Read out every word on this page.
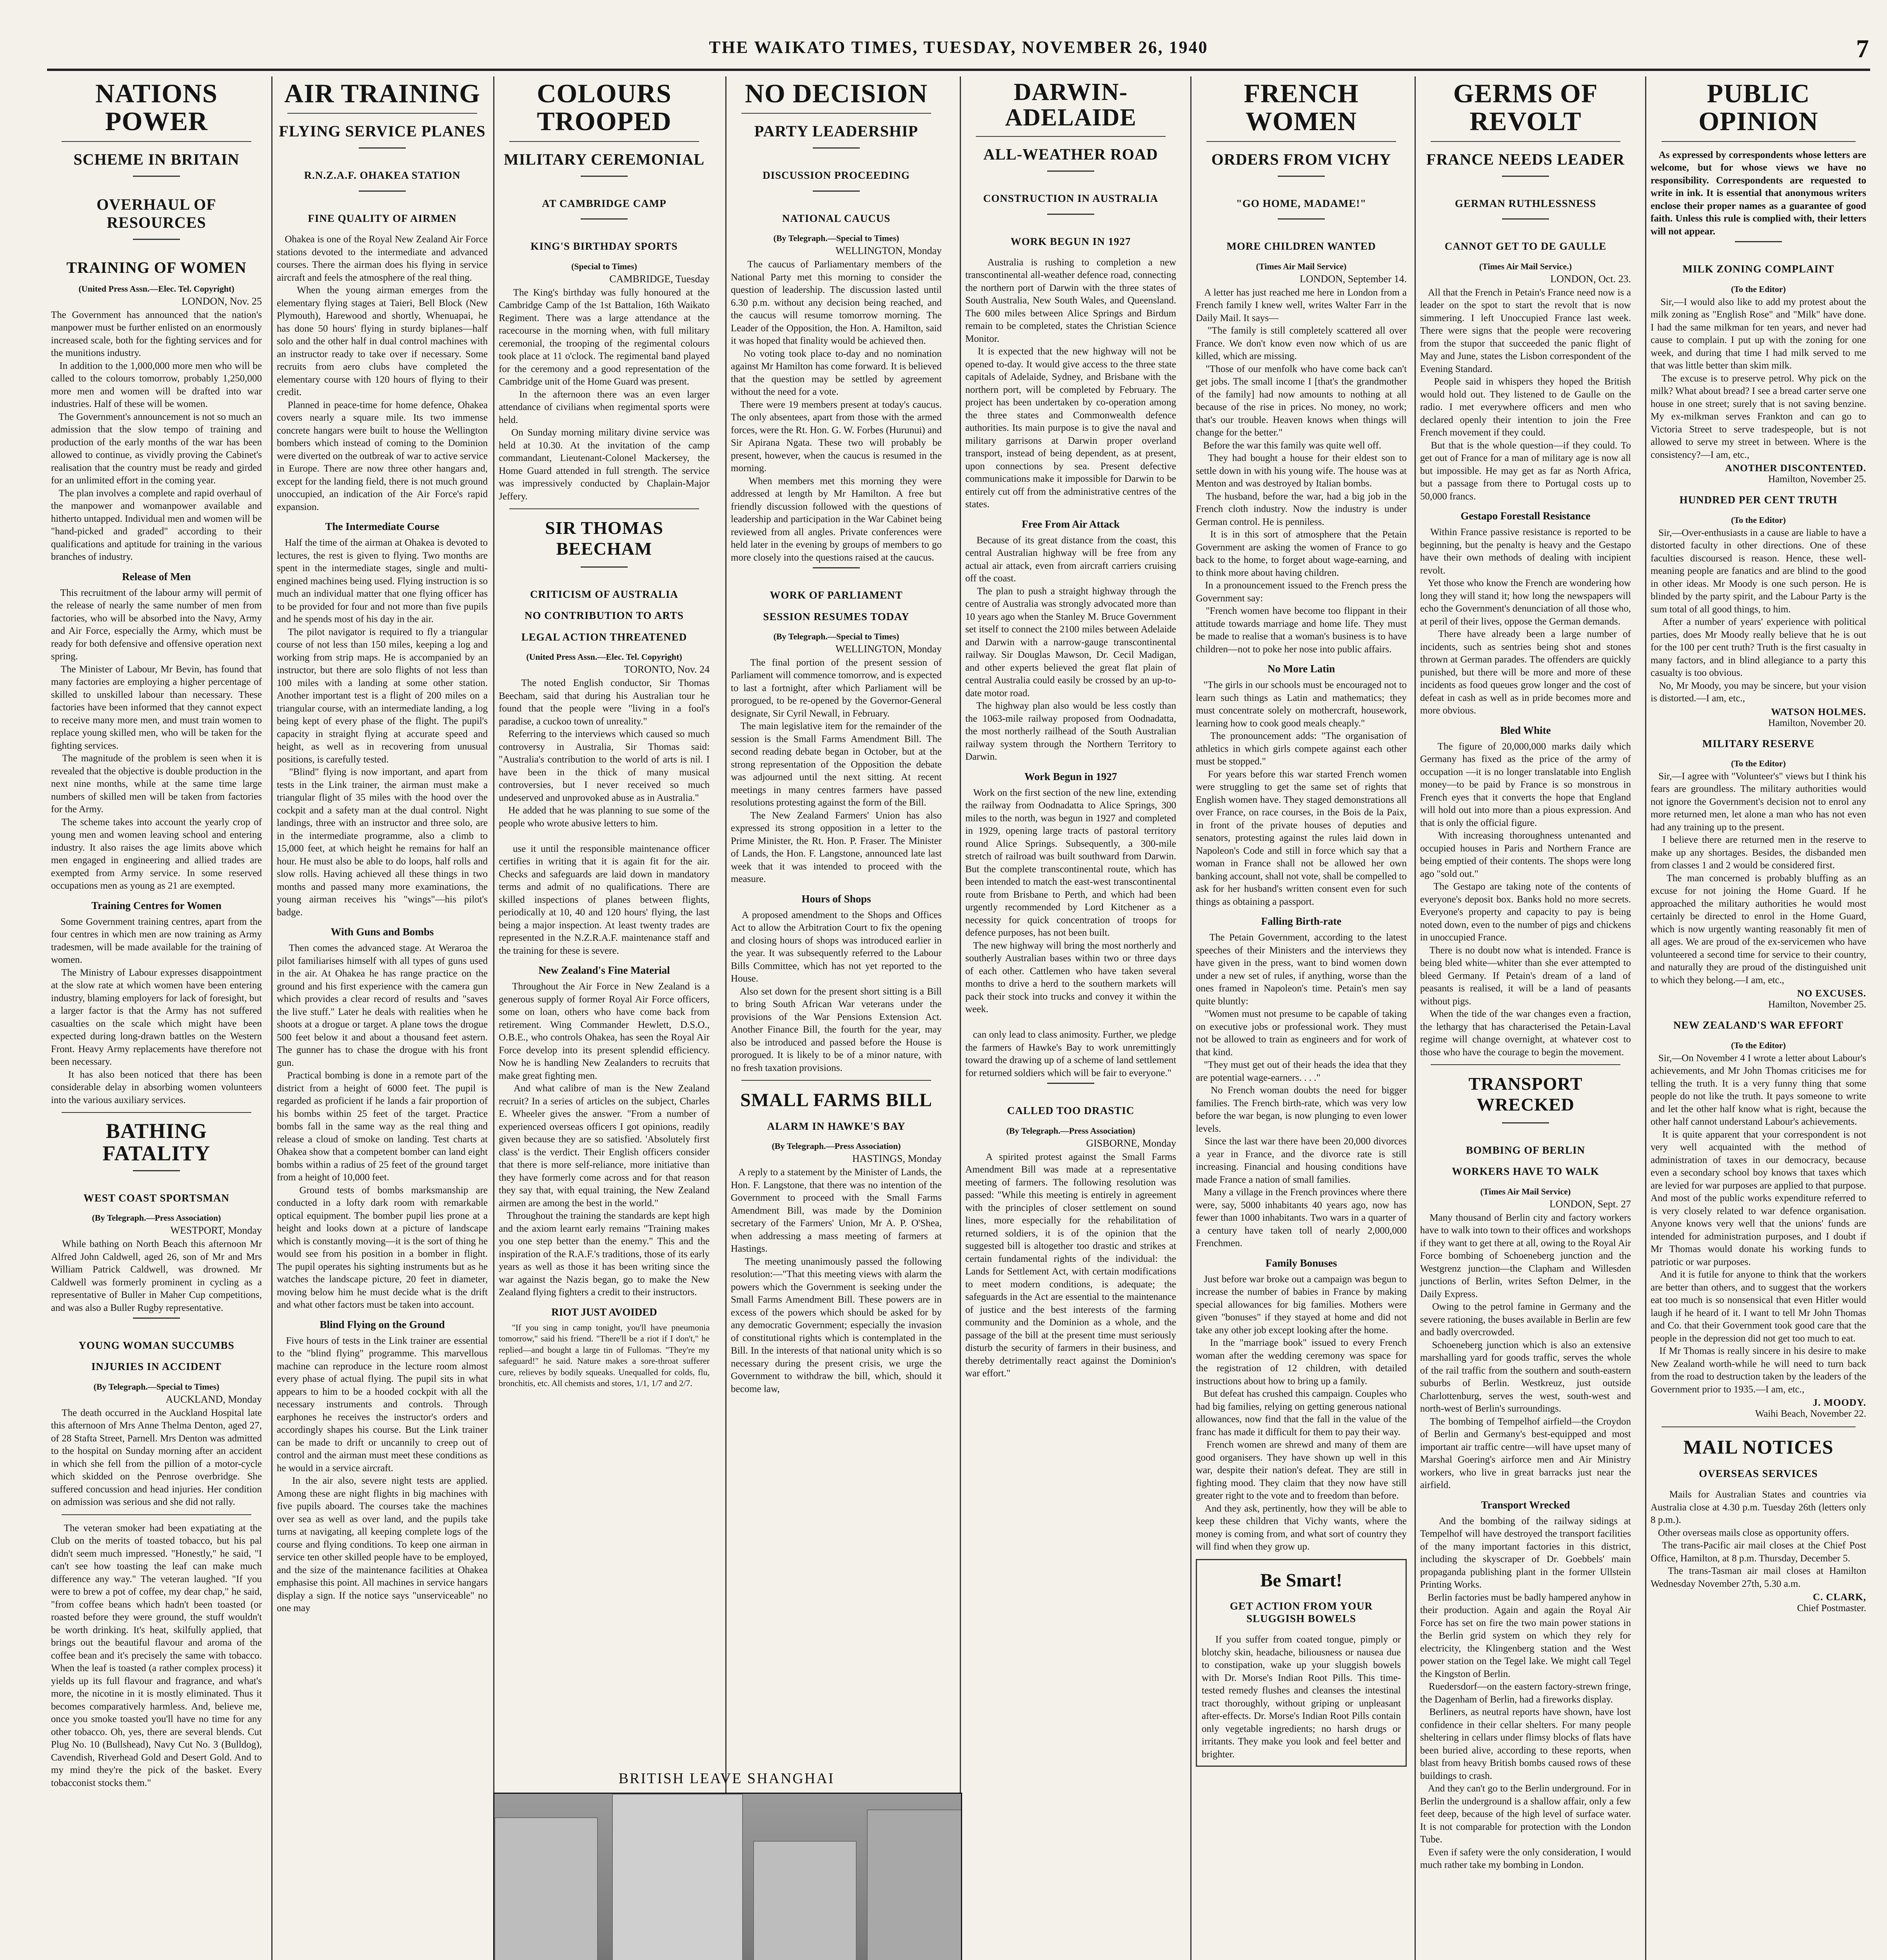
THE WAIKATO TIMES, TUESDAY, NOVEMBER 26, 1940	7
NATIONS POWER
SCHEME IN BRITAIN
OVERHAUL OF RESOURCES
TRAINING OF WOMEN
(United Press Assn.—Elec. Tel. Copyright)
LONDON, Nov. 25

The Government has announced that the nation's manpower must be further enlisted on an enormously increased scale, both for the fighting services and for the munitions industry.
In addition to the 1,000,000 more men who will be called to the colours tomorrow, probably 1,250,000 more men and women will be drafted into war industries. Half of these will be women.
The Government's announcement is not so much an admission that the slow tempo of training and production of the early months of the war has been allowed to continue, as vividly proving the Cabinet's realisation that the country must be ready and girded for an unlimited effort in the coming year.
The plan involves a complete and rapid overhaul of the manpower and womanpower available and hitherto untapped. Individual men and women will be "hand-picked and graded" according to their qualifications and aptitude for training in the various branches of industry.

Release of Men

This recruitment of the labour army will permit of the release of nearly the same number of men from factories, who will be absorbed into the Navy, Army and Air Force, especially the Army, which must be ready for both defensive and offensive operation next spring.
The Minister of Labour, Mr Bevin, has found that many factories are employing a higher percentage of skilled to unskilled labour than necessary. These factories have been informed that they cannot expect to receive many more men, and must train women to replace young skilled men, who will be taken for the fighting services.
The magnitude of the problem is seen when it is revealed that the objective is double production in the next nine months, while at the same time large numbers of skilled men will be taken from factories for the Army.
The scheme takes into account the yearly crop of young men and women leaving school and entering industry. It also raises the age limits above which men engaged in engineering and allied trades are exempted from Army service. In some reserved occupations men as young as 21 are exempted.

Training Centres for Women

Some Government training centres, apart from the four centres in which men are now training as Army tradesmen, will be made available for the training of women.
The Ministry of Labour expresses disappointment at the slow rate at which women have been entering industry, blaming employers for lack of foresight, but a larger factor is that the Army has not suffered casualties on the scale which might have been expected during long-drawn battles on the Western Front. Heavy Army replacements have therefore not been necessary.
It has also been noticed that there has been considerable delay in absorbing women volunteers into the various auxiliary services.

BATHING FATALITY
WEST COAST SPORTSMAN
(By Telegraph.—Press Association)
WESTPORT, Monday

While bathing on North Beach this afternoon Mr Alfred John Caldwell, aged 26, son of Mr and Mrs William Patrick Caldwell, was drowned. Mr Caldwell was formerly prominent in cycling as a representative of Buller in Maher Cup competitions, and was also a Buller Rugby representative.

YOUNG WOMAN SUCCUMBS
INJURIES IN ACCIDENT
(By Telegraph.—Special to Times)
AUCKLAND, Monday

The death occurred in the Auckland Hospital late this afternoon of Mrs Anne Thelma Denton, aged 27, of 28 Stafta Street, Parnell. Mrs Denton was admitted to the hospital on Sunday morning after an accident in which she fell from the pillion of a motor-cycle which skidded on the Penrose overbridge. She suffered concussion and head injuries. Her condition on admission was serious and she did not rally.

The veteran smoker had been expatiating at the Club on the merits of toasted tobacco, but his pal didn't seem much impressed. "Honestly," he said, "I can't see how toasting the leaf can make much difference any way." The veteran laughed. "If you were to brew a pot of coffee, my dear chap," he said, "from coffee beans which hadn't been toasted (or roasted before they were ground, the stuff wouldn't be worth drinking. It's heat, skilfully applied, that brings out the beautiful flavour and aroma of the coffee bean and it's precisely the same with tobacco. When the leaf is toasted (a rather complex process) it yields up its full flavour and fragrance, and what's more, the nicotine in it is mostly eliminated. Thus it becomes comparatively harmless. And, believe me, once you smoke toasted you'll have no time for any other tobacco. Oh, yes, there are several blends. Cut Plug No. 10 (Bullshead), Navy Cut No. 3 (Bulldog), Cavendish, Riverhead Gold and Desert Gold. And to my mind they're the pick of the basket. Every tobacconist stocks them."

AIR TRAINING
FLYING SERVICE PLANES
R.N.Z.A.F. OHAKEA STATION
FINE QUALITY OF AIRMEN

Ohakea is one of the Royal New Zealand Air Force stations devoted to the intermediate and advanced courses. There the airman does his flying in service aircraft and feels the atmosphere of the real thing.
When the young airman emerges from the elementary flying stages at Taieri, Bell Block (New Plymouth), Harewood and shortly, Whenuapai, he has done 50 hours' flying in sturdy biplanes—half solo and the other half in dual control machines with an instructor ready to take over if necessary. Some recruits from aero clubs have completed the elementary course with 120 hours of flying to their credit.
Planned in peace-time for home defence, Ohakea covers nearly a square mile. Its two immense concrete hangars were built to house the Wellington bombers which instead of coming to the Dominion were diverted on the outbreak of war to active service in Europe. There are now three other hangars and, except for the landing field, there is not much ground unoccupied, an indication of the Air Force's rapid expansion.

The Intermediate Course

Half the time of the airman at Ohakea is devoted to lectures, the rest is given to flying. Two months are spent in the intermediate stages, single and multi-engined machines being used. Flying instruction is so much an individual matter that one flying officer has to be provided for four and not more than five pupils and he spends most of his day in the air.
The pilot navigator is required to fly a triangular course of not less than 150 miles, keeping a log and working from strip maps. He is accompanied by an instructor, but there are solo flights of not less than 100 miles with a landing at some other station. Another important test is a flight of 200 miles on a triangular course, with an intermediate landing, a log being kept of every phase of the flight. The pupil's capacity in straight flying at accurate speed and height, as well as in recovering from unusual positions, is carefully tested.
"Blind" flying is now important, and apart from tests in the Link trainer, the airman must make a triangular flight of 35 miles with the hood over the cockpit and a safety man at the dual control. Night landings, three with an instructor and three solo, are in the intermediate programme, also a climb to 15,000 feet, at which height he remains for half an hour. He must also be able to do loops, half rolls and slow rolls. Having achieved all these things in two months and passed many more examinations, the young airman receives his "wings"—his pilot's badge.

With Guns and Bombs

Then comes the advanced stage. At Weraroa the pilot familiarises himself with all types of guns used in the air. At Ohakea he has range practice on the ground and his first experience with the camera gun which provides a clear record of results and "saves the live stuff." Later he deals with realities when he shoots at a drogue or target. A plane tows the drogue 500 feet below it and about a thousand feet astern. The gunner has to chase the drogue with his front gun.
Practical bombing is done in a remote part of the district from a height of 6000 feet. The pupil is regarded as proficient if he lands a fair proportion of his bombs within 25 feet of the target. Practice bombs fall in the same way as the real thing and release a cloud of smoke on landing. Test charts at Ohakea show that a competent bomber can land eight bombs within a radius of 25 feet of the ground target from a height of 10,000 feet.
Ground tests of bombs marksmanship are conducted in a lofty dark room with remarkable optical equipment. The bomber pupil lies prone at a height and looks down at a picture of landscape which is constantly moving—it is the sort of thing he would see from his position in a bomber in flight. The pupil operates his sighting instruments but as he watches the landscape picture, 20 feet in diameter, moving below him he must decide what is the drift and what other factors must be taken into account.

Blind Flying on the Ground

Five hours of tests in the Link trainer are essential to the "blind flying" programme. This marvellous machine can reproduce in the lecture room almost every phase of actual flying. The pupil sits in what appears to him to be a hooded cockpit with all the necessary instruments and controls. Through earphones he receives the instructor's orders and accordingly shapes his course. But the Link trainer can be made to drift or uncannily to creep out of control and the airman must meet these conditions as he would in a service aircraft.
In the air also, severe night tests are applied. Among these are night flights in big machines with five pupils aboard. The courses take the machines over sea as well as over land, and the pupils take turns at navigating, all keeping complete logs of the course and flying conditions. To keep one airman in service ten other skilled people have to be employed, and the size of the maintenance facilities at Ohakea emphasise this point. All machines in service hangars display a sign. If the notice says "unserviceable" no one may

COLOURS TROOPED
MILITARY CEREMONIAL
AT CAMBRIDGE CAMP
KING'S BIRTHDAY SPORTS
(Special to Times)
CAMBRIDGE, Tuesday

The King's birthday was fully honoured at the Cambridge Camp of the 1st Battalion, 16th Waikato Regiment. There was a large attendance at the racecourse in the morning when, with full military ceremonial, the trooping of the regimental colours took place at 11 o'clock. The regimental band played for the ceremony and a good representation of the Cambridge unit of the Home Guard was present.
In the afternoon there was an even larger attendance of civilians when regimental sports were held.
On Sunday morning military divine service was held at 10.30. At the invitation of the camp commandant, Lieutenant-Colonel Mackersey, the Home Guard attended in full strength. The service was impressively conducted by Chaplain-Major Jeffery.

SIR THOMAS BEECHAM
CRITICISM OF AUSTRALIA
NO CONTRIBUTION TO ARTS
LEGAL ACTION THREATENED
(United Press Assn.—Elec. Tel. Copyright)
TORONTO, Nov. 24

The noted English conductor, Sir Thomas Beecham, said that during his Australian tour he found that the people were "living in a fool's paradise, a cuckoo town of unreality."
Referring to the interviews which caused so much controversy in Australia, Sir Thomas said: "Australia's contribution to the world of arts is nil. I have been in the thick of many musical controversies, but I never received so much undeserved and unprovoked abuse as in Australia."
He added that he was planning to sue some of the people who wrote abusive letters to him.

use it until the responsible maintenance officer certifies in writing that it is again fit for the air. Checks and safeguards are laid down in mandatory terms and admit of no qualifications. There are skilled inspections of planes between flights, periodically at 10, 40 and 120 hours' flying, the last being a major inspection. At least twenty trades are represented in the N.Z.R.A.F. maintenance staff and the training for these is severe.

New Zealand's Fine Material

Throughout the Air Force in New Zealand is a generous supply of former Royal Air Force officers, some on loan, others who have come back from retirement. Wing Commander Hewlett, D.S.O., O.B.E., who controls Ohakea, has seen the Royal Air Force develop into its present splendid efficiency. Now he is handling New Zealanders to recruits that make great fighting men.
And what calibre of man is the New Zealand recruit? In a series of articles on the subject, Charles E. Wheeler gives the answer. "From a number of experienced overseas officers I got opinions, readily given because they are so satisfied. 'Absolutely first class' is the verdict. Their English officers consider that there is more self-reliance, more initiative than they have formerly come across and for that reason they say that, with equal training, the New Zealand airmen are among the best in the world."
Throughout the training the standards are kept high and the axiom learnt early remains "Training makes you one step better than the enemy." This and the inspiration of the R.A.F.'s traditions, those of its early years as well as those it has been writing since the war against the Nazis began, go to make the New Zealand flying fighters a credit to their instructors.

RIOT JUST AVOIDED

"If you sing in camp tonight, you'll have pneumonia tomorrow," said his friend. "There'll be a riot if I don't," he replied—and bought a large tin of Fullomas. "They're my safeguard!" he said. Nature makes a sore-throat sufferer cure, relieves by bodily squeaks. Unequalled for colds, flu, bronchitis, etc. All chemists and stores, 1/1, 1/7 and 2/7.

NO DECISION
PARTY LEADERSHIP
DISCUSSION PROCEEDING
NATIONAL CAUCUS
(By Telegraph.—Special to Times)
WELLINGTON, Monday

The caucus of Parliamentary members of the National Party met this morning to consider the question of leadership. The discussion lasted until 6.30 p.m. without any decision being reached, and the caucus will resume tomorrow morning. The Leader of the Opposition, the Hon. A. Hamilton, said it was hoped that finality would be achieved then.
No voting took place to-day and no nomination against Mr Hamilton has come forward. It is believed that the question may be settled by agreement without the need for a vote.
There were 19 members present at today's caucus. The only absentees, apart from those with the armed forces, were the Rt. Hon. G. W. Forbes (Hurunui) and Sir Apirana Ngata. These two will probably be present, however, when the caucus is resumed in the morning.
When members met this morning they were addressed at length by Mr Hamilton. A free but friendly discussion followed with the questions of leadership and participation in the War Cabinet being reviewed from all angles. Private conferences were held later in the evening by groups of members to go more closely into the questions raised at the caucus.

WORK OF PARLIAMENT
SESSION RESUMES TODAY
(By Telegraph.—Special to Times)
WELLINGTON, Monday

The final portion of the present session of Parliament will commence tomorrow, and is expected to last a fortnight, after which Parliament will be prorogued, to be re-opened by the Governor-General designate, Sir Cyril Newall, in February.
The main legislative item for the remainder of the session is the Small Farms Amendment Bill. The second reading debate began in October, but at the strong representation of the Opposition the debate was adjourned until the next sitting. At recent meetings in many centres farmers have passed resolutions protesting against the form of the Bill.
The New Zealand Farmers' Union has also expressed its strong opposition in a letter to the Prime Minister, the Rt. Hon. P. Fraser. The Minister of Lands, the Hon. F. Langstone, announced late last week that it was intended to proceed with the measure.

Hours of Shops

A proposed amendment to the Shops and Offices Act to allow the Arbitration Court to fix the opening and closing hours of shops was introduced earlier in the year. It was subsequently referred to the Labour Bills Committee, which has not yet reported to the House.
Also set down for the present short sitting is a Bill to bring South African War veterans under the provisions of the War Pensions Extension Act. Another Finance Bill, the fourth for the year, may also be introduced and passed before the House is prorogued. It is likely to be of a minor nature, with no fresh taxation provisions.

SMALL FARMS BILL
ALARM IN HAWKE'S BAY
(By Telegraph.—Press Association)
HASTINGS, Monday

A reply to a statement by the Minister of Lands, the Hon. F. Langstone, that there was no intention of the Government to proceed with the Small Farms Amendment Bill, was made by the Dominion secretary of the Farmers' Union, Mr A. P. O'Shea, when addressing a mass meeting of farmers at Hastings.
The meeting unanimously passed the following resolution:—"That this meeting views with alarm the powers which the Government is seeking under the Small Farms Amendment Bill. These powers are in excess of the powers which should be asked for by any democratic Government; especially the invasion of constitutional rights which is contemplated in the Bill. In the interests of that national unity which is so necessary during the present crisis, we urge the Government to withdraw the bill, which, should it become law,

BRITISH LEAVE SHANGHAI
DARWIN-ADELAIDE
ALL-WEATHER ROAD
CONSTRUCTION IN AUSTRALIA
WORK BEGUN IN 1927

Australia is rushing to completion a new transcontinental all-weather defence road, connecting the northern port of Darwin with the three states of South Australia, New South Wales, and Queensland. The 600 miles between Alice Springs and Birdum remain to be completed, states the Christian Science Monitor.
It is expected that the new highway will not be opened to-day. It would give access to the three state capitals of Adelaide, Sydney, and Brisbane with the northern port, will be completed by February. The project has been undertaken by co-operation among the three states and Commonwealth defence authorities. Its main purpose is to give the naval and military garrisons at Darwin proper overland transport, instead of being dependent, as at present, upon connections by sea. Present defective communications make it impossible for Darwin to be entirely cut off from the administrative centres of the states.

Free From Air Attack

Because of its great distance from the coast, this central Australian highway will be free from any actual air attack, even from aircraft carriers cruising off the coast.
The plan to push a straight highway through the centre of Australia was strongly advocated more than 10 years ago when the Stanley M. Bruce Government set itself to connect the 2100 miles between Adelaide and Darwin with a narrow-gauge transcontinental railway. Sir Douglas Mawson, Dr. Cecil Madigan, and other experts believed the great flat plain of central Australia could easily be crossed by an up-to-date motor road.
The highway plan also would be less costly than the 1063-mile railway proposed from Oodnadatta, the most northerly railhead of the South Australian railway system through the Northern Territory to Darwin.

Work Begun in 1927

Work on the first section of the new line, extending the railway from Oodnadatta to Alice Springs, 300 miles to the north, was begun in 1927 and completed in 1929, opening large tracts of pastoral territory round Alice Springs. Subsequently, a 300-mile stretch of railroad was built southward from Darwin. But the complete transcontinental route, which has been intended to match the east-west transcontinental route from Brisbane to Perth, and which had been urgently recommended by Lord Kitchener as a necessity for quick concentration of troops for defence purposes, has not been built.
The new highway will bring the most northerly and southerly Australian bases within two or three days of each other. Cattlemen who have taken several months to drive a herd to the southern markets will pack their stock into trucks and convey it within the week.

can only lead to class animosity. Further, we pledge the farmers of Hawke's Bay to work unremittingly toward the drawing up of a scheme of land settlement for returned soldiers which will be fair to everyone."

CALLED TOO DRASTIC
(By Telegraph.—Press Association)
GISBORNE, Monday

A spirited protest against the Small Farms Amendment Bill was made at a representative meeting of farmers. The following resolution was passed: "While this meeting is entirely in agreement with the principles of closer settlement on sound lines, more especially for the rehabilitation of returned soldiers, it is of the opinion that the suggested bill is altogether too drastic and strikes at certain fundamental rights of the individual: the Lands for Settlement Act, with certain modifications to meet modern conditions, is adequate; the safeguards in the Act are essential to the maintenance of justice and the best interests of the farming community and the Dominion as a whole, and the passage of the bill at the present time must seriously disturb the security of farmers in their business, and thereby detrimentally react against the Dominion's war effort."

FRENCH WOMEN
ORDERS FROM VICHY
"GO HOME, MADAME!"
MORE CHILDREN WANTED
(Times Air Mail Service)
LONDON, September 14.

A letter has just reached me here in London from a French family I knew well, writes Walter Farr in the Daily Mail. It says—
"The family is still completely scattered all over France. We don't know even now which of us are killed, which are missing.
"Those of our menfolk who have come back can't get jobs. The small income I [that's the grandmother of the family] had now amounts to nothing at all because of the rise in prices. No money, no work; that's our trouble. Heaven knows when things will change for the better."
Before the war this family was quite well off.
They had bought a house for their eldest son to settle down in with his young wife. The house was at Menton and was destroyed by Italian bombs.
The husband, before the war, had a big job in the French cloth industry. Now the industry is under German control. He is penniless.
It is in this sort of atmosphere that the Petain Government are asking the women of France to go back to the home, to forget about wage-earning, and to think more about having children.
In a pronouncement issued to the French press the Government say:
"French women have become too flippant in their attitude towards marriage and home life. They must be made to realise that a woman's business is to have children—not to poke her nose into public affairs.

No More Latin

"The girls in our schools must be encouraged not to learn such things as Latin and mathematics; they must concentrate solely on mothercraft, housework, learning how to cook good meals cheaply."
The pronouncement adds: "The organisation of athletics in which girls compete against each other must be stopped."
For years before this war started French women were struggling to get the same set of rights that English women have. They staged demonstrations all over France, on race courses, in the Bois de la Paix, in front of the private houses of deputies and senators, protesting against the rules laid down in Napoleon's Code and still in force which say that a woman in France shall not be allowed her own banking account, shall not vote, shall be compelled to ask for her husband's written consent even for such things as obtaining a passport.

Falling Birth-rate

The Petain Government, according to the latest speeches of their Ministers and the interviews they have given in the press, want to bind women down under a new set of rules, if anything, worse than the ones framed in Napoleon's time. Petain's men say quite bluntly:
"Women must not presume to be capable of taking on executive jobs or professional work. They must not be allowed to train as engineers and for work of that kind.
"They must get out of their heads the idea that they are potential wage-earners. . . ."
No French woman doubts the need for bigger families. The French birth-rate, which was very low before the war began, is now plunging to even lower levels.
Since the last war there have been 20,000 divorces a year in France, and the divorce rate is still increasing. Financial and housing conditions have made France a nation of small families.
Many a village in the French provinces where there were, say, 5000 inhabitants 40 years ago, now has fewer than 1000 inhabitants. Two wars in a quarter of a century have taken toll of nearly 2,000,000 Frenchmen.

Family Bonuses

Just before war broke out a campaign was begun to increase the number of babies in France by making special allowances for big families. Mothers were given "bonuses" if they stayed at home and did not take any other job except looking after the home.
In the "marriage book" issued to every French woman after the wedding ceremony was space for the registration of 12 children, with detailed instructions about how to bring up a family.
But defeat has crushed this campaign. Couples who had big families, relying on getting generous national allowances, now find that the fall in the value of the franc has made it difficult for them to pay their way.
French women are shrewd and many of them are good organisers. They have shown up well in this war, despite their nation's defeat. They are still in fighting mood. They claim that they now have still greater right to the vote and to freedom than before.
And they ask, pertinently, how they will be able to keep these children that Vichy wants, where the money is coming from, and what sort of country they will find when they grow up.

Be Smart!
GET ACTION FROM YOUR SLUGGISH BOWELS

If you suffer from coated tongue, pimply or blotchy skin, headache, biliousness or nausea due to constipation, wake up your sluggish bowels with Dr. Morse's Indian Root Pills. This time-tested remedy flushes and cleanses the intestinal tract thoroughly, without griping or unpleasant after-effects. Dr. Morse's Indian Root Pills contain only vegetable ingredients; no harsh drugs or irritants. They make you look and feel better and brighter.

GERMS OF REVOLT
FRANCE NEEDS LEADER
GERMAN RUTHLESSNESS
CANNOT GET TO DE GAULLE
(Times Air Mail Service.)
LONDON, Oct. 23.

All that the French in Petain's France need now is a leader on the spot to start the revolt that is now simmering. I left Unoccupied France last week. There were signs that the people were recovering from the stupor that succeeded the panic flight of May and June, states the Lisbon correspondent of the Evening Standard.
People said in whispers they hoped the British would hold out. They listened to de Gaulle on the radio. I met everywhere officers and men who declared openly their intention to join the Free French movement if they could.
But that is the whole question—if they could. To get out of France for a man of military age is now all but impossible. He may get as far as North Africa, but a passage from there to Portugal costs up to 50,000 francs.

Gestapo Forestall Resistance

Within France passive resistance is reported to be beginning, but the penalty is heavy and the Gestapo have their own methods of dealing with incipient revolt.
Yet those who know the French are wondering how long they will stand it; how long the newspapers will echo the Government's denunciation of all those who, at peril of their lives, oppose the German demands.
There have already been a large number of incidents, such as sentries being shot and stones thrown at German parades. The offenders are quickly punished, but there will be more and more of these incidents as food queues grow longer and the cost of defeat in cash as well as in pride becomes more and more obvious.

Bled White

The figure of 20,000,000 marks daily which Germany has fixed as the price of the army of occupation —it is no longer translatable into English money—to be paid by France is so monstrous in French eyes that it converts the hope that England will hold out into more than a pious expression. And that is only the official figure.
With increasing thoroughness untenanted and occupied houses in Paris and Northern France are being emptied of their contents. The shops were long ago "sold out."
The Gestapo are taking note of the contents of everyone's deposit box. Banks hold no more secrets. Everyone's property and capacity to pay is being noted down, even to the number of pigs and chickens in unoccupied France.
There is no doubt now what is intended. France is being bled white—whiter than she ever attempted to bleed Germany. If Petain's dream of a land of peasants is realised, it will be a land of peasants without pigs.
When the tide of the war changes even a fraction, the lethargy that has characterised the Petain-Laval regime will change overnight, at whatever cost to those who have the courage to begin the movement.

TRANSPORT WRECKED
BOMBING OF BERLIN
WORKERS HAVE TO WALK
(Times Air Mail Service)
LONDON, Sept. 27

Many thousand of Berlin city and factory workers have to walk into town to their offices and workshops if they want to get there at all, owing to the Royal Air Force bombing of Schoeneberg junction and the Westgrenz junction—the Clapham and Willesden junctions of Berlin, writes Sefton Delmer, in the Daily Express.
Owing to the petrol famine in Germany and the severe rationing, the buses available in Berlin are few and badly overcrowded.
Schoeneberg junction which is also an extensive marshalling yard for goods traffic, serves the whole of the rail traffic from the southern and south-eastern suburbs of Berlin. Westkreuz, just outside Charlottenburg, serves the west, south-west and north-west of Berlin's surroundings.
The bombing of Tempelhof airfield—the Croydon of Berlin and Germany's best-equipped and most important air traffic centre—will have upset many of Marshal Goering's airforce men and Air Ministry workers, who live in great barracks just near the airfield.

Transport Wrecked

And the bombing of the railway sidings at Tempelhof will have destroyed the transport facilities of the many important factories in this district, including the skyscraper of Dr. Goebbels' main propaganda publishing plant in the former Ullstein Printing Works.
Berlin factories must be badly hampered anyhow in their production. Again and again the Royal Air Force has set on fire the two main power stations in the Berlin grid system on which they rely for electricity, the Klingenberg station and the West power station on the Tegel lake. We might call Tegel the Kingston of Berlin.
Ruedersdorf—on the eastern factory-strewn fringe, the Dagenham of Berlin, had a fireworks display.
Berliners, as neutral reports have shown, have lost confidence in their cellar shelters. For many people sheltering in cellars under flimsy blocks of flats have been buried alive, according to these reports, when blast from heavy British bombs caused rows of these buildings to crash.
And they can't go to the Berlin underground. For in Berlin the underground is a shallow affair, only a few feet deep, because of the high level of surface water. It is not comparable for protection with the London Tube.
Even if safety were the only consideration, I would much rather take my bombing in London.

PUBLIC OPINION

As expressed by correspondents whose letters are welcome, but for whose views we have no responsibility. Correspondents are requested to write in ink. It is essential that anonymous writers enclose their proper names as a guarantee of good faith. Unless this rule is complied with, their letters will not appear.

MILK ZONING COMPLAINT
(To the Editor)

Sir,—I would also like to add my protest about the milk zoning as "English Rose" and "Milk" have done. I had the same milkman for ten years, and never had cause to complain. I put up with the zoning for one week, and during that time I had milk served to me that was little better than skim milk.
The excuse is to preserve petrol. Why pick on the milk? What about bread? I see a bread carter serve one house in one street; surely that is not saving benzine. My ex-milkman serves Frankton and can go to Victoria Street to serve tradespeople, but is not allowed to serve my street in between. Where is the consistency?—I am, etc.,

ANOTHER DISCONTENTED.
Hamilton, November 25.
HUNDRED PER CENT TRUTH
(To the Editor)

Sir,—Over-enthusiasts in a cause are liable to have a distorted faculty in other directions. One of these faculties discoursed is reason. Hence, these well-meaning people are fanatics and are blind to the good in other ideas. Mr Moody is one such person. He is blinded by the party spirit, and the Labour Party is the sum total of all good things, to him.
After a number of years' experience with political parties, does Mr Moody really believe that he is out for the 100 per cent truth? Truth is the first casualty in many factors, and in blind allegiance to a party this casualty is too obvious.
No, Mr Moody, you may be sincere, but your vision is distorted.—I am, etc.,

WATSON HOLMES.
Hamilton, November 20.
MILITARY RESERVE
(To the Editor)

Sir,—I agree with "Volunteer's" views but I think his fears are groundless. The military authorities would not ignore the Government's decision not to enrol any more returned men, let alone a man who has not even had any training up to the present.
I believe there are returned men in the reserve to make up any shortages. Besides, the disbanded men from classes 1 and 2 would be considered first.
The man concerned is probably bluffing as an excuse for not joining the Home Guard. If he approached the military authorities he would most certainly be directed to enrol in the Home Guard, which is now urgently wanting reasonably fit men of all ages. We are proud of the ex-servicemen who have volunteered a second time for service to their country, and naturally they are proud of the distinguished unit to which they belong.—I am, etc.,

NO EXCUSES.
Hamilton, November 25.
NEW ZEALAND'S WAR EFFORT
(To the Editor)

Sir,—On November 4 I wrote a letter about Labour's achievements, and Mr John Thomas criticises me for telling the truth. It is a very funny thing that some people do not like the truth. It pays someone to write and let the other half know what is right, because the other half cannot understand Labour's achievements.
It is quite apparent that your correspondent is not very well acquainted with the method of administration of taxes in our democracy, because even a secondary school boy knows that taxes which are levied for war purposes are applied to that purpose. And most of the public works expenditure referred to is very closely related to war defence organisation. Anyone knows very well that the unions' funds are intended for administration purposes, and I doubt if Mr Thomas would donate his working funds to patriotic or war purposes.
And it is futile for anyone to think that the workers are better than others, and to suggest that the workers eat too much is so nonsensical that even Hitler would laugh if he heard of it. I want to tell Mr John Thomas and Co. that their Government took good care that the people in the depression did not get too much to eat.
If Mr Thomas is really sincere in his desire to make New Zealand worth-while he will need to turn back from the road to destruction taken by the leaders of the Government prior to 1935.—I am, etc.,

J. MOODY.
Waihi Beach, November 22.
MAIL NOTICES
OVERSEAS SERVICES

Mails for Australian States and countries via Australia close at 4.30 p.m. Tuesday 26th (letters only 8 p.m.).
Other overseas mails close as opportunity offers.
The trans-Pacific air mail closes at the Chief Post Office, Hamilton, at 8 p.m. Thursday, December 5.
The trans-Tasman air mail closes at Hamilton Wednesday November 27th, 5.30 a.m.

C. CLARK,
Chief Postmaster.
